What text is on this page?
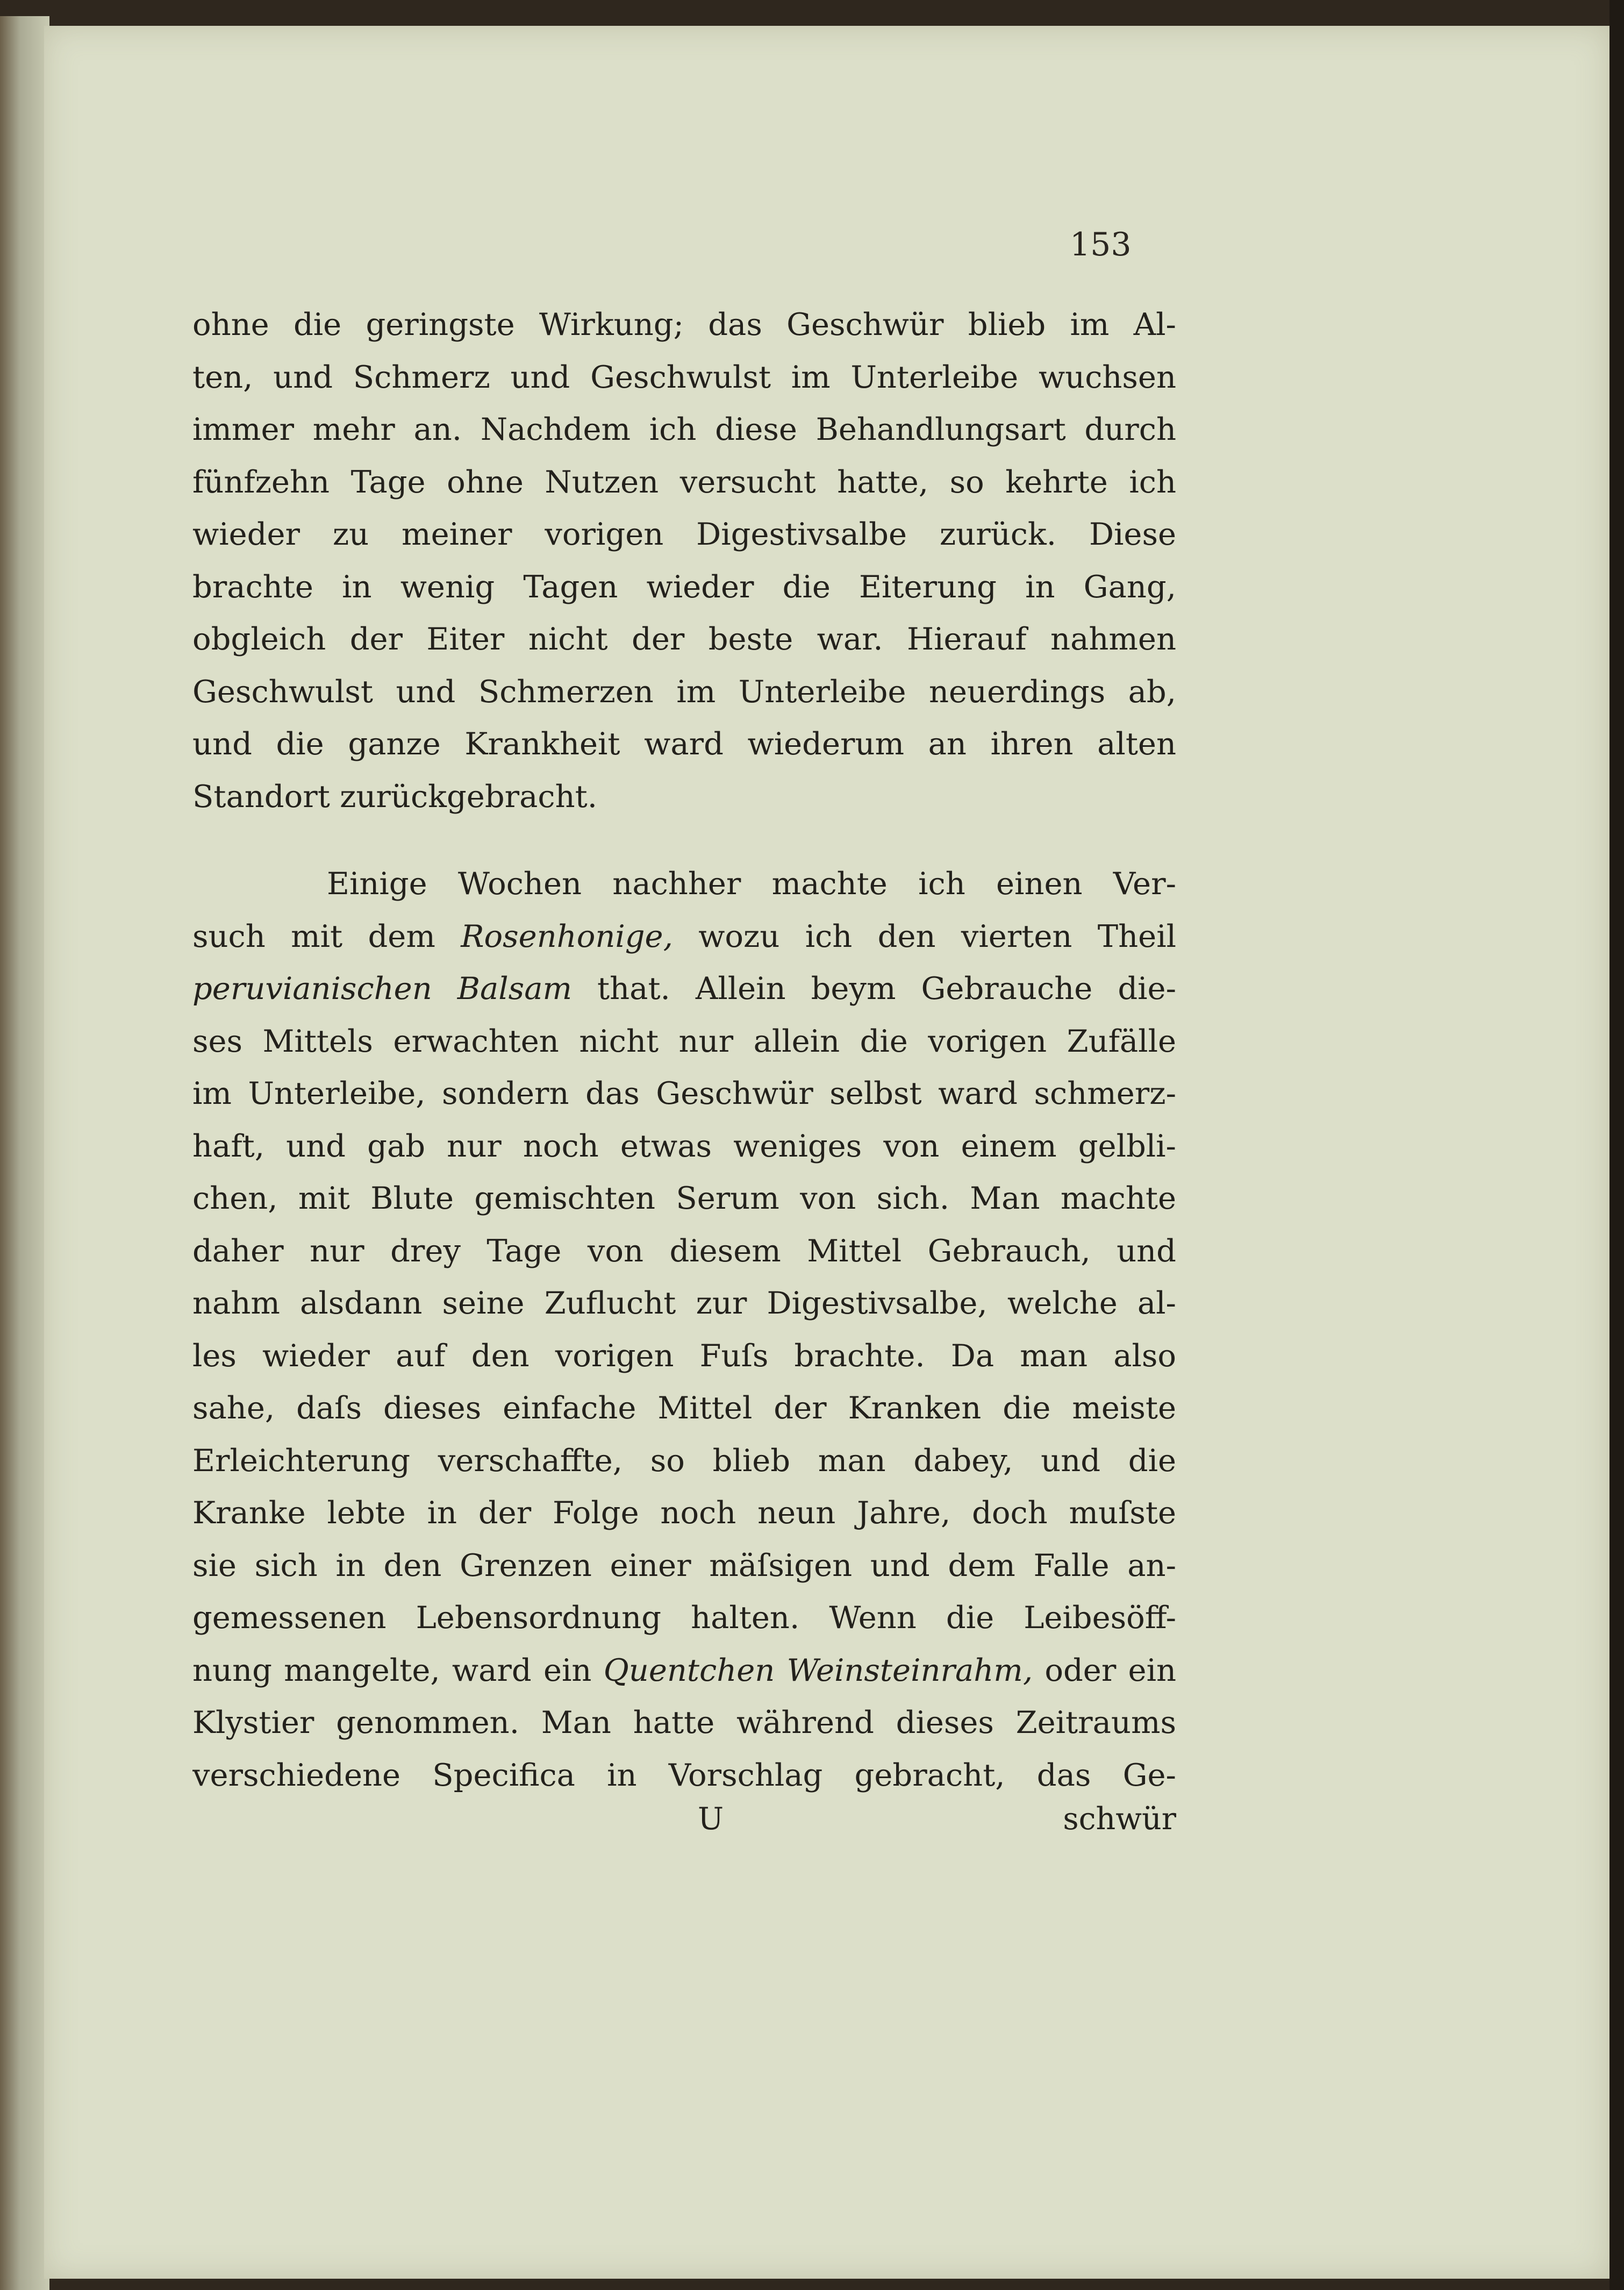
153

ohne die geringste Wirkung; das Geschwür blieb im Al-
ten, und Schmerz und Geschwulst im Unterleibe wuchsen
immer mehr an. Nachdem ich diese Behandlungsart durch
fünfzehn Tage ohne Nutzen versucht hatte, so kehrte ich
wieder zu meiner vorigen Digestivsalbe zurück. Diese
brachte in wenig Tagen wieder die Eiterung in Gang,
obgleich der Eiter nicht der beste war. Hierauf nahmen
Geschwulst und Schmerzen im Unterleibe neuerdings ab,
und die ganze Krankheit ward wiederum an ihren alten
Standort zurückgebracht.
Einige Wochen nachher machte ich einen Ver-
such mit dem Rosenhonige, wozu ich den vierten Theil
peruvianischen Balsam that. Allein beym Gebrauche die-
ses Mittels erwachten nicht nur allein die vorigen Zufälle
im Unterleibe, sondern das Geschwür selbst ward schmerz-
haft, und gab nur noch etwas weniges von einem gelbli-
chen, mit Blute gemischten Serum von sich. Man machte
daher nur drey Tage von diesem Mittel Gebrauch, und
nahm alsdann seine Zuflucht zur Digestivsalbe, welche al-
les wieder auf den vorigen Fuſs brachte. Da man also
sahe, daſs dieses einfache Mittel der Kranken die meiste
Erleichterung verschaffte, so blieb man dabey, und die
Kranke lebte in der Folge noch neun Jahre, doch muſste
sie sich in den Grenzen einer mäſsigen und dem Falle an-
gemessenen Lebensordnung halten. Wenn die Leibesöff-
nung mangelte, ward ein Quentchen Weinsteinrahm, oder ein
Klystier genommen. Man hatte während dieses Zeitraums
verschiedene Specifica in Vorschlag gebracht, das Ge-
U	schwür
